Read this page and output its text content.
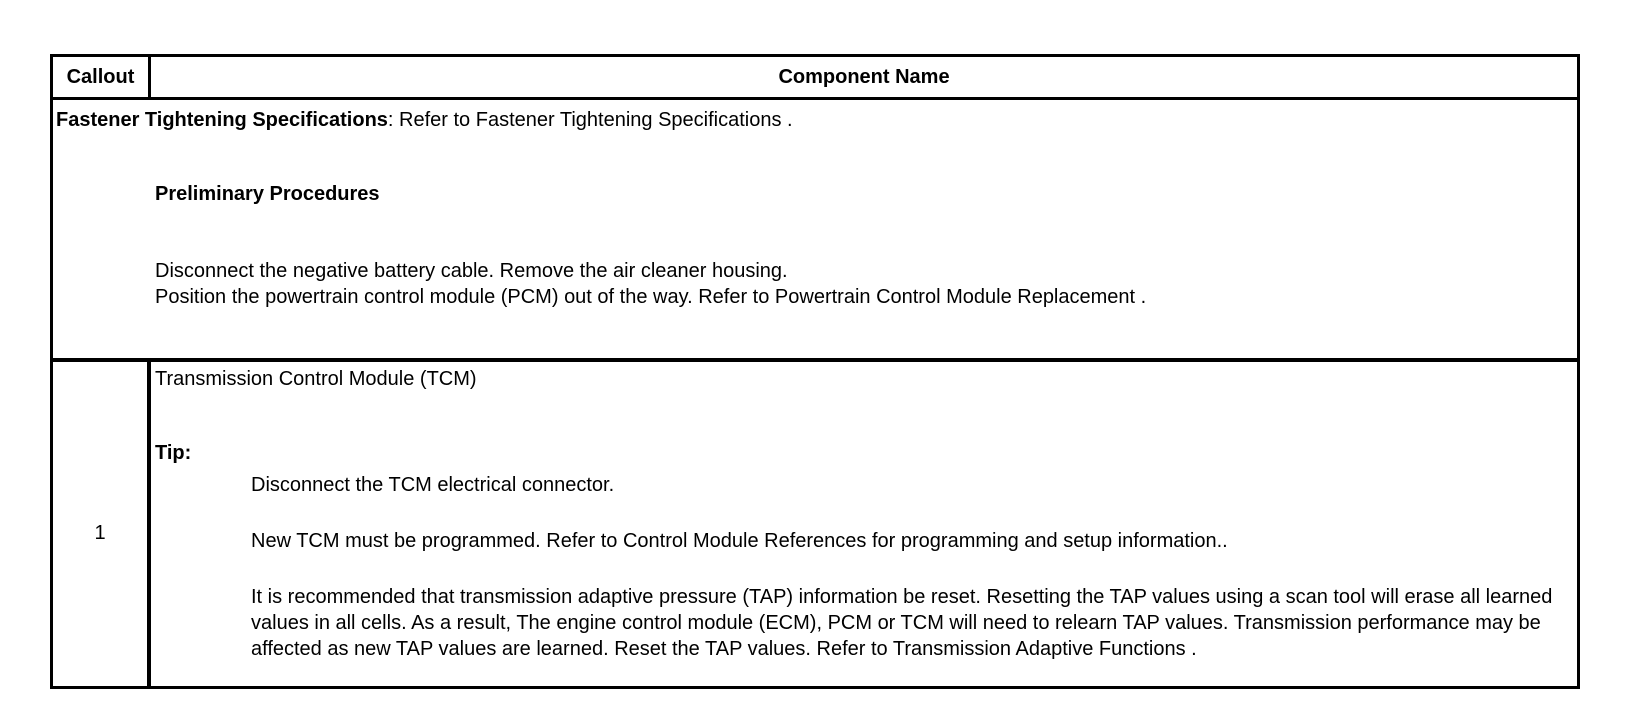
Callout	Component Name
Fastener Tightening Specifications: Refer to Fastener Tightening Specifications .
Preliminary Procedures
Disconnect the negative battery cable. Remove the air cleaner housing.
Position the powertrain control module (PCM) out of the way. Refer to Powertrain Control Module Replacement .
1
Transmission Control Module (TCM)
Tip:
Disconnect the TCM electrical connector.
New TCM must be programmed. Refer to Control Module References for programming and setup information..
It is recommended that transmission adaptive pressure (TAP) information be reset. Resetting the TAP values using a scan tool will erase all learned values in all cells. As a result, The engine control module (ECM), PCM or TCM will need to relearn TAP values. Transmission performance may be affected as new TAP values are learned. Reset the TAP values. Refer to Transmission Adaptive Functions .
